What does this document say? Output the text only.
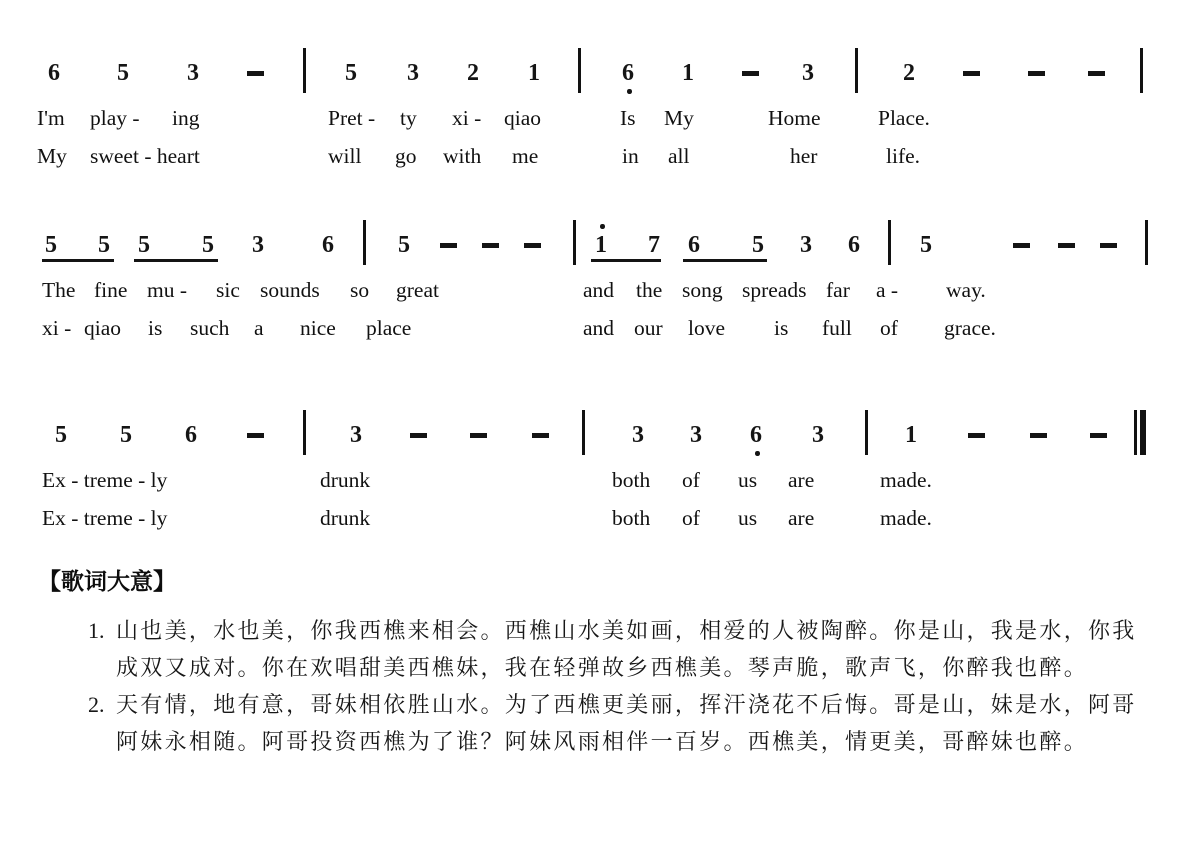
6 5 3	5 3 2 1	6 1	3	2
I'm play - ing	Pret - ty xi - qiao	Is My	Home	Place.
My sweet - heart	will go with me	in all	her	life.
5 5 5 5 3 6	5	1 7 6 5 3 6	5
The fine mu - sic sounds so great	and the song spreads far a - way.
xi - qiao is such a nice place	and our love is full of grace.
5 5 6	3	3 3 6 3	1
Ex - treme - ly	drunk	both of us are	made.
Ex - treme - ly	drunk	both of us are	made.
【歌词大意】
1. 山也美，水也美，你我西樵来相会。西樵山水美如画，相爱的人被陶醉。你是山，我是水，你我
成双又成对。你在欢唱甜美西樵妹，我在轻弹故乡西樵美。琴声脆，歌声飞，你醉我也醉。
2. 天有情，地有意，哥妹相依胜山水。为了西樵更美丽，挥汗浇花不后悔。哥是山，妹是水，阿哥
阿妹永相随。阿哥投资西樵为了谁？阿妹风雨相伴一百岁。西樵美，情更美，哥醉妹也醉。
